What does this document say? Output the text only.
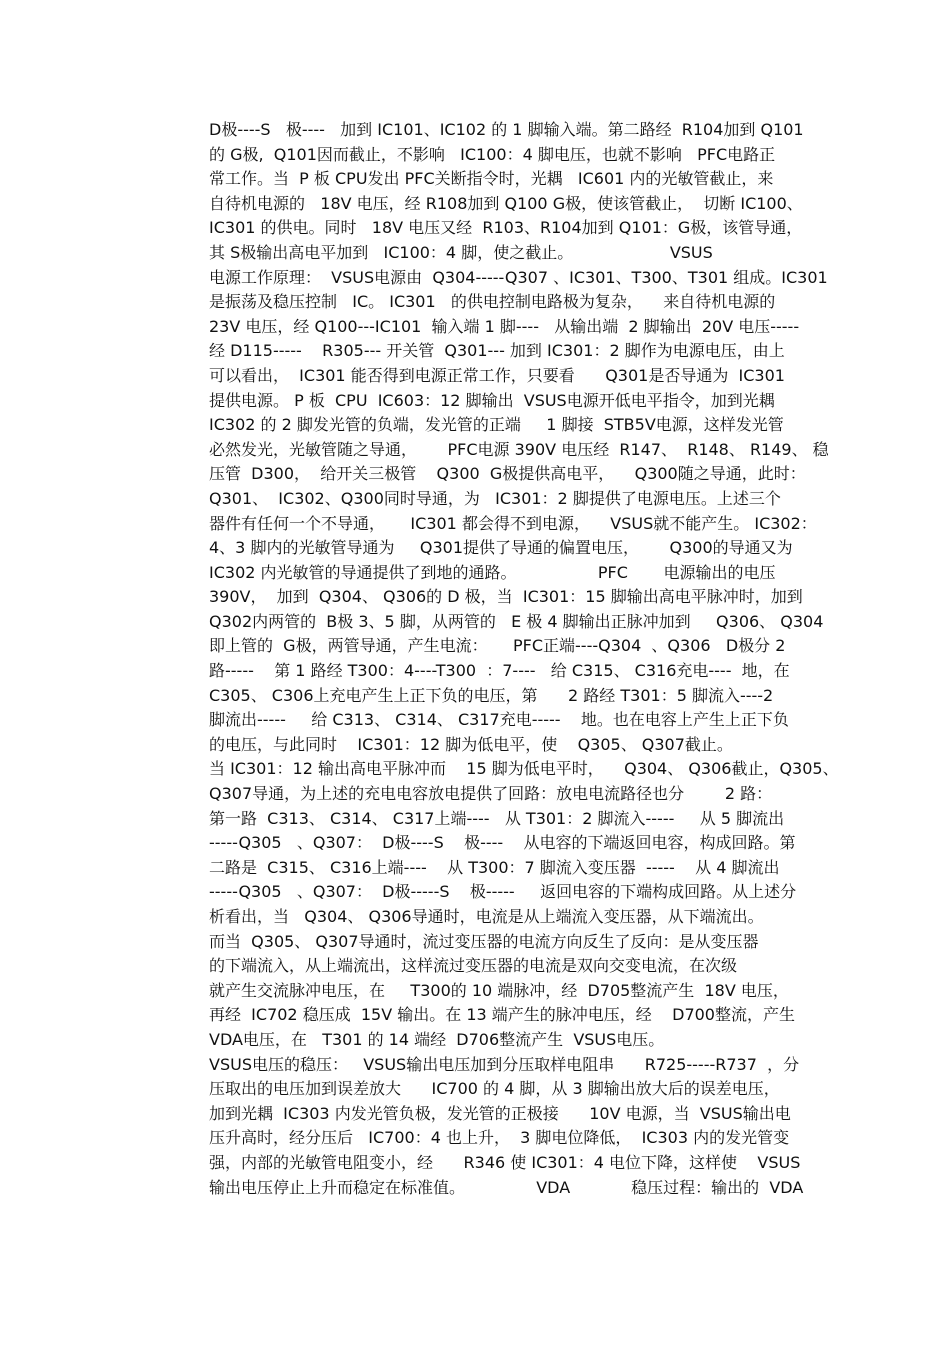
D极----S   极----   加到 IC101、IC102 的 1 脚输入端。第二路经  R104加到 Q101
的 G极,  Q101因而截止，不影响   IC100：4 脚电压，也就不影响   PFC电路正
常工作。当  P 板 CPU发出 PFC关断指令时，光耦   IC601 内的光敏管截止，来
自待机电源的   18V 电压，经 R108加到 Q100 G极，使该管截止，  切断 IC100、
IC301 的供电。同时   18V 电压又经  R103、R104加到 Q101：G极，该管导通，
其 S极输出高电平加到   IC100：4 脚，使之截止。                   VSUS
电源工作原理：  VSUS电源由  Q304-----Q307 、IC301、T300、T301 组成。IC301
是振荡及稳压控制   IC。 IC301   的供电控制电路极为复杂，    来自待机电源的
23V 电压，经 Q100---IC101  输入端 1 脚----   从输出端  2 脚输出  20V 电压-----
经 D115-----    R305--- 开关管  Q301--- 加到 IC301：2 脚作为电源电压，由上
可以看出，  IC301 能否得到电源正常工作，只要看      Q301是否导通为  IC301
提供电源。 P 板  CPU  IC603：12 脚输出  VSUS电源开低电平指令，加到光耦
IC302 的 2 脚发光管的负端，发光管的正端     1 脚接  STB5V电源，这样发光管
必然发光，光敏管随之导通，      PFC电源 390V 电压经  R147、  R148、 R149、 稳
压管  D300，  给开关三极管    Q300  G极提供高电平，    Q300随之导通，此时：
Q301、  IC302、Q300同时导通，为   IC301：2 脚提供了电源电压。上述三个
器件有任何一个不导通，     IC301 都会得不到电源，    VSUS就不能产生。 IC302：
4、3 脚内的光敏管导通为     Q301提供了导通的偏置电压，      Q300的导通又为
IC302 内光敏管的导通提供了到地的通路。                PFC       电源输出的电压
390V，  加到  Q304、 Q306的 D 极，当  IC301：15 脚输出高电平脉冲时，加到
Q302内两管的  B极 3、5 脚，从两管的   E 极 4 脚输出正脉冲加到     Q306、 Q304
即上管的  G极，两管导通，产生电流：     PFC正端----Q304  、Q306   D极分 2
路-----    第 1 路经 T300：4----T300  ：7----   给 C315、 C316充电----  地，在
C305、 C306上充电产生上正下负的电压，第      2 路经 T301：5 脚流入----2
脚流出-----     给 C313、 C314、 C317充电-----    地。也在电容上产生上正下负
的电压，与此同时    IC301：12 脚为低电平，使    Q305、 Q307截止。
当 IC301：12 输出高电平脉冲而    15 脚为低电平时，    Q304、 Q306截止，Q305、
Q307导通，为上述的充电电容放电提供了回路：放电电流路径也分        2 路：
第一路  C313、 C314、 C317上端----   从 T301：2 脚流入-----     从 5 脚流出
-----Q305   、Q307：  D极----S    极----    从电容的下端返回电容，构成回路。第
二路是  C315、 C316上端----    从 T300：7 脚流入变压器  -----    从 4 脚流出
-----Q305   、Q307：  D极-----S    极-----     返回电容的下端构成回路。从上述分
析看出，当   Q304、 Q306导通时，电流是从上端流入变压器，从下端流出。
而当  Q305、 Q307导通时，流过变压器的电流方向反生了反向：是从变压器
的下端流入，从上端流出，这样流过变压器的电流是双向交变电流，在次级
就产生交流脉冲电压，在     T300的 10 端脉冲，经  D705整流产生  18V 电压，
再经  IC702 稳压成  15V 输出。在 13 端产生的脉冲电压，经    D700整流，产生
VDA电压，在   T301 的 14 端经  D706整流产生  VSUS电压。
VSUS电压的稳压：   VSUS输出电压加到分压取样电阻串      R725-----R737  ，分
压取出的电压加到误差放大      IC700 的 4 脚，从 3 脚输出放大后的误差电压，
加到光耦  IC303 内发光管负极，发光管的正极接      10V 电源，当  VSUS输出电
压升高时，经分压后   IC700：4 也上升，  3 脚电位降低，  IC303 内的发光管变
强，内部的光敏管电阻变小，经      R346 使 IC301：4 电位下降，这样使    VSUS
输出电压停止上升而稳定在标准值。              VDA            稳压过程：输出的  VDA
